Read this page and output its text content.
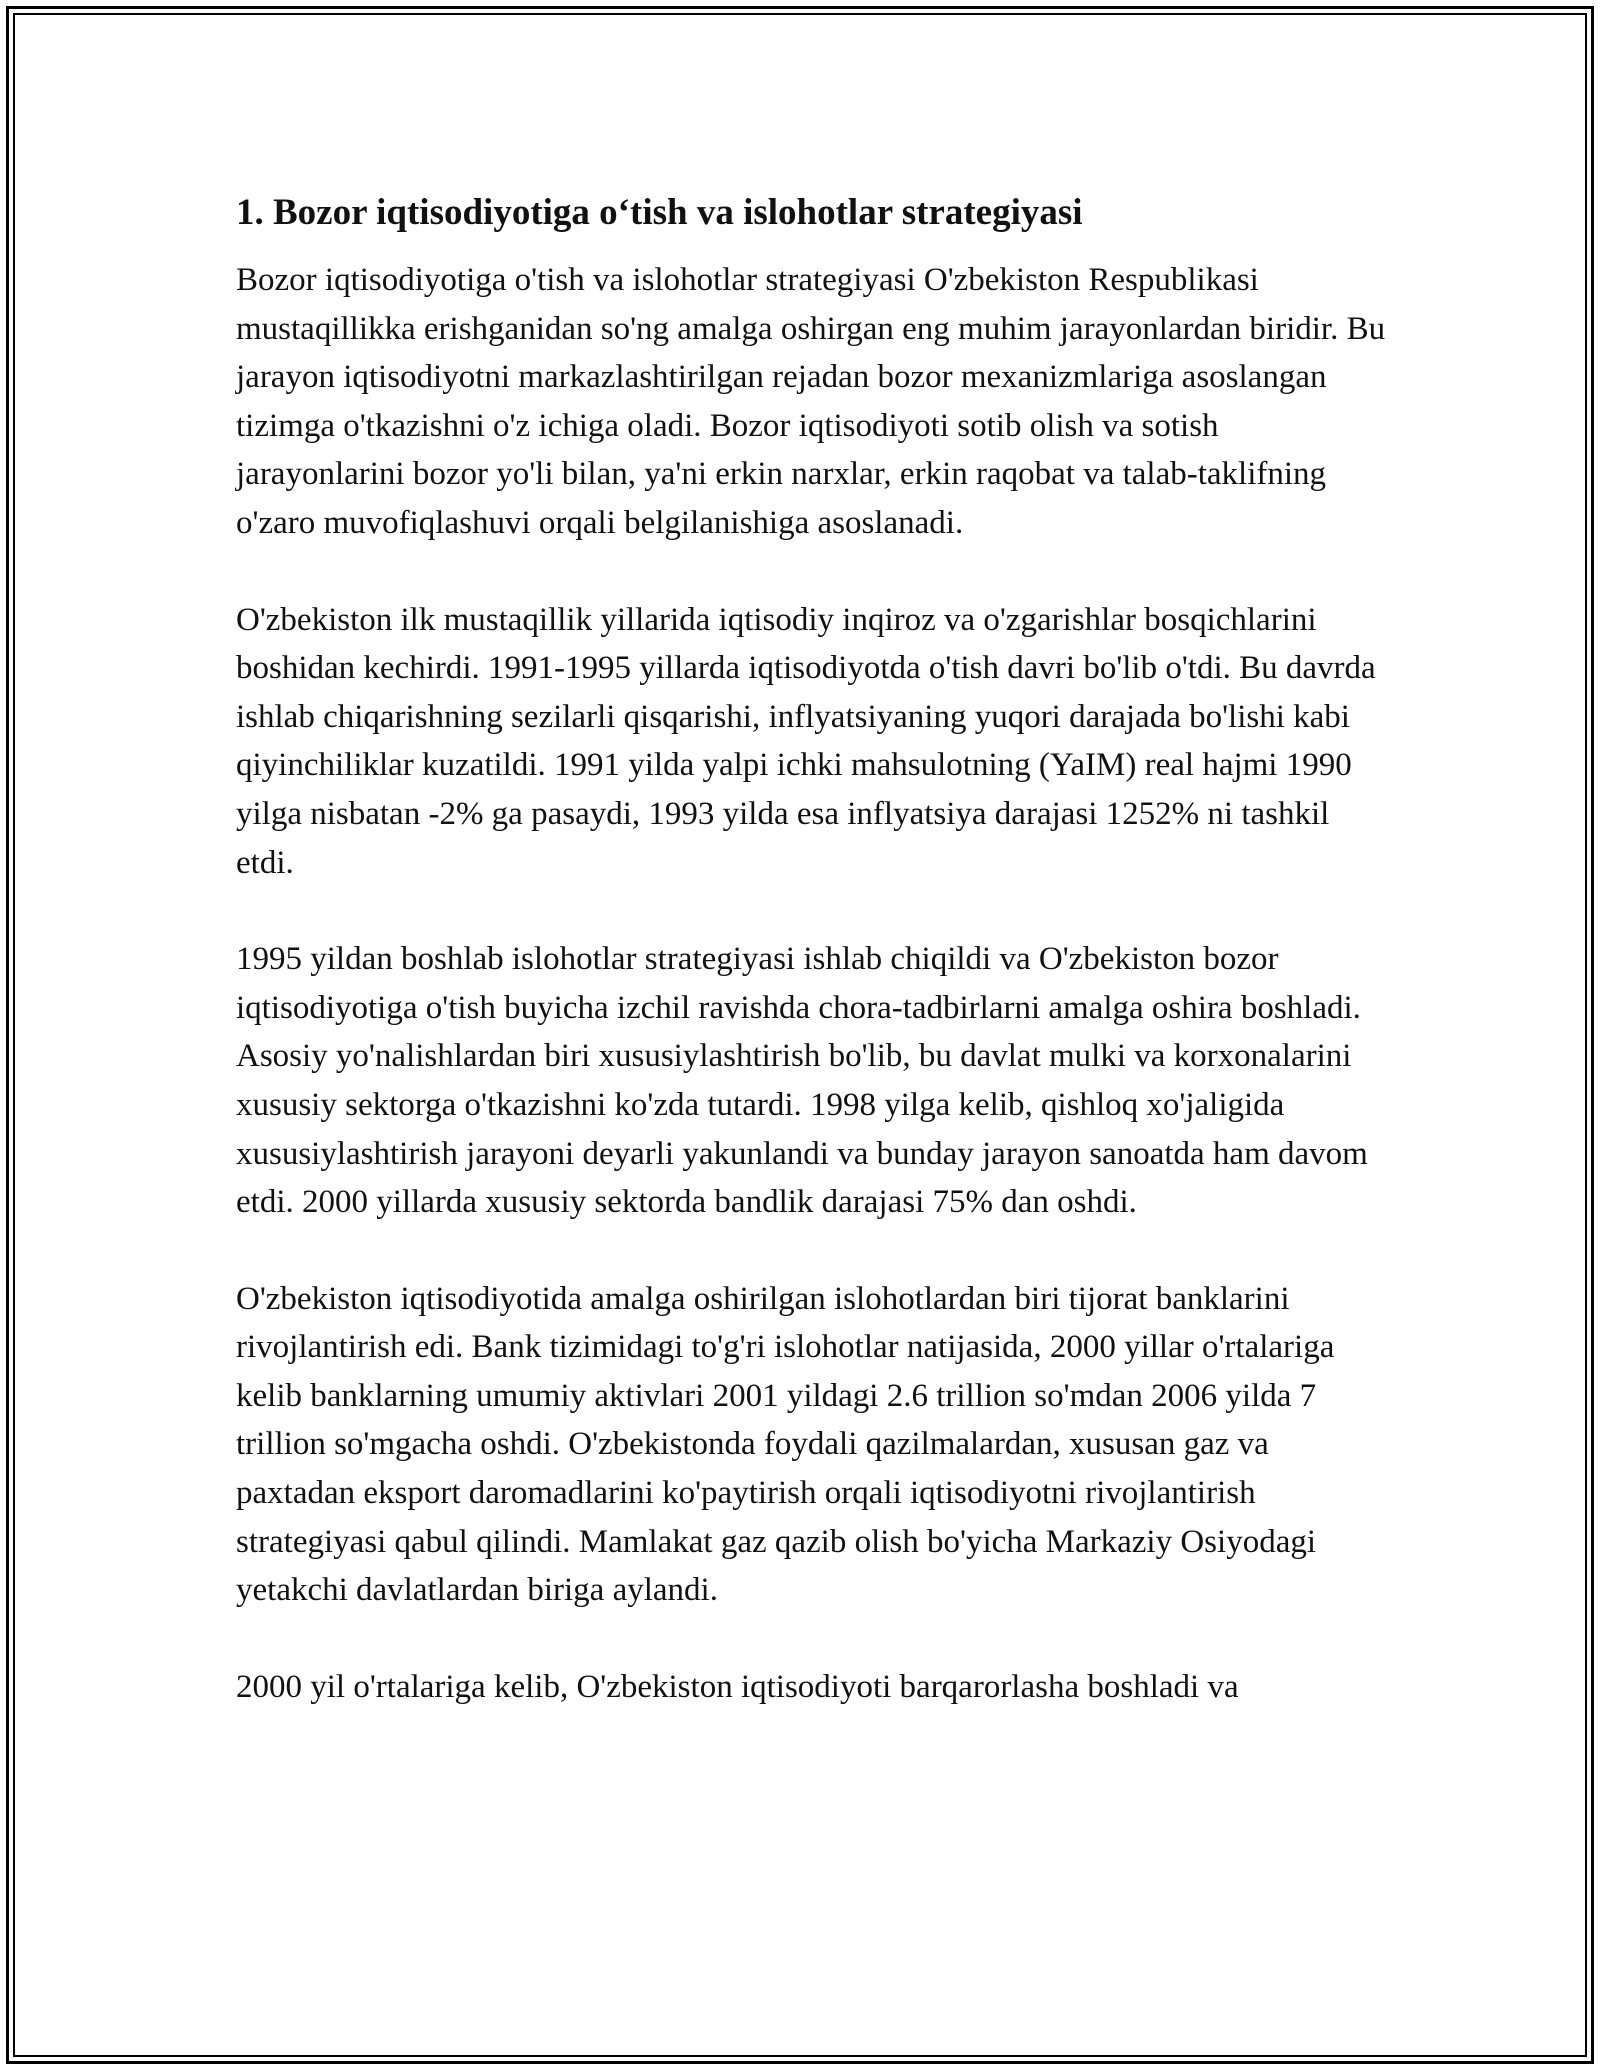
1. Bozor iqtisodiyotiga o‘tish va islohotlar strategiyasi

Bozor iqtisodiyotiga o'tish va islohotlar strategiyasi O'zbekiston Respublikasi mustaqillikka erishganidan so'ng amalga oshirgan eng muhim jarayonlardan biridir. Bu jarayon iqtisodiyotni markazlashtirilgan rejadan bozor mexanizmlariga asoslangan tizimga o'tkazishni o'z ichiga oladi. Bozor iqtisodiyoti sotib olish va sotish jarayonlarini bozor yo'li bilan, ya'ni erkin narxlar, erkin raqobat va talab-taklifning o'zaro muvofiqlashuvi orqali belgilanishiga asoslanadi.

O'zbekiston ilk mustaqillik yillarida iqtisodiy inqiroz va o'zgarishlar bosqichlarini boshidan kechirdi. 1991-1995 yillarda iqtisodiyotda o'tish davri bo'lib o'tdi. Bu davrda ishlab chiqarishning sezilarli qisqarishi, inflyatsiyaning yuqori darajada bo'lishi kabi qiyinchiliklar kuzatildi. 1991 yilda yalpi ichki mahsulotning (YaIM) real hajmi 1990 yilga nisbatan -2% ga pasaydi, 1993 yilda esa inflyatsiya darajasi 1252% ni tashkil etdi.

1995 yildan boshlab islohotlar strategiyasi ishlab chiqildi va O'zbekiston bozor iqtisodiyotiga o'tish buyicha izchil ravishda chora-tadbirlarni amalga oshira boshladi. Asosiy yo'nalishlardan biri xususiylashtirish bo'lib, bu davlat mulki va korxonalarini xususiy sektorga o'tkazishni ko'zda tutardi. 1998 yilga kelib, qishloq xo'jaligida xususiylashtirish jarayoni deyarli yakunlandi va bunday jarayon sanoatda ham davom etdi. 2000 yillarda xususiy sektorda bandlik darajasi 75% dan oshdi.

O'zbekiston iqtisodiyotida amalga oshirilgan islohotlardan biri tijorat banklarini rivojlantirish edi. Bank tizimidagi to'g'ri islohotlar natijasida, 2000 yillar o'rtalariga kelib banklarning umumiy aktivlari 2001 yildagi 2.6 trillion so'mdan 2006 yilda 7 trillion so'mgacha oshdi. O'zbekistonda foydali qazilmalardan, xususan gaz va paxtadan eksport daromadlarini ko'paytirish orqali iqtisodiyotni rivojlantirish strategiyasi qabul qilindi. Mamlakat gaz qazib olish bo'yicha Markaziy Osiyodagi yetakchi davlatlardan biriga aylandi.

2000 yil o'rtalariga kelib, O'zbekiston iqtisodiyoti barqarorlasha boshladi va
